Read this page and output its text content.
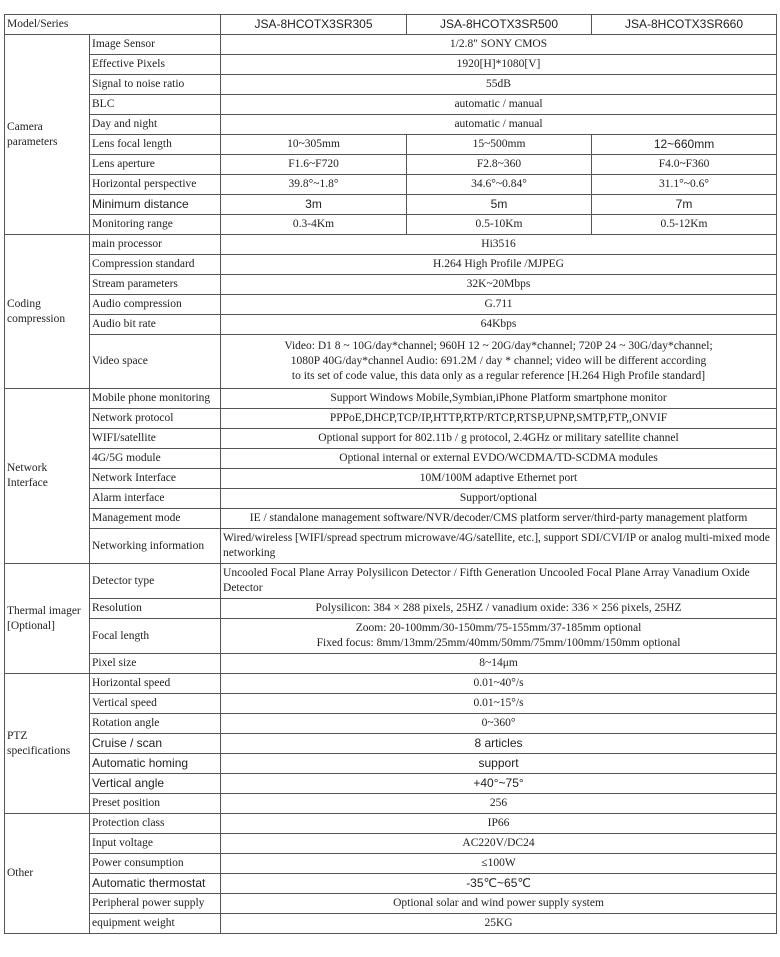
Model/Series		JSA-8HCOTX3SR305	JSA-8HCOTX3SR500	JSA-8HCOTX3SR660
Camera parameters	Image Sensor	1/2.8" SONY CMOS		
	Effective Pixels	1920[H]*1080[V]		
	Signal to noise ratio	55dB		
	BLC	automatic / manual		
	Day and night	automatic / manual		
	Lens focal length	10~305mm	15~500mm	12~660mm
	Lens aperture	F1.6~F720	F2.8~360	F4.0~F360
	Horizontal perspective	39.8°~1.8°	34.6°~0.84°	31.1°~0.6°
	Minimum distance	3m	5m	7m
	Monitoring range	0.3-4Km	0.5-10Km	0.5-12Km
Coding compression	main processor	Hi3516		
	Compression standard	H.264 High Profile /MJPEG		
	Stream parameters	32K~20Mbps		
	Audio compression	G.711		
	Audio bit rate	64Kbps		
	Video space	Video: D1 8 ~ 10G/day*channel; 960H 12 ~ 20G/day*channel; 720P 24 ~ 30G/day*channel;
1080P 40G/day*channel Audio: 691.2M / day * channel; video will be different according
to its set of code value, this data only as a regular reference [H.264 High Profile standard]		

Network Interface	Mobile phone monitoring	Support Windows Mobile,Symbian,iPhone Platform smartphone monitor		
	Network protocol	PPPoE,DHCP,TCP/IP,HTTP,RTP/RTCP,RTSP,UPNP,SMTP,FTP,,ONVIF		
	WIFI/satellite	Optional support for 802.11b / g protocol, 2.4GHz or military satellite channel		
	4G/5G module	Optional internal or external EVDO/WCDMA/TD-SCDMA modules		
	Network Interface	10M/100M adaptive Ethernet port		
	Alarm interface	Support/optional		
	Management mode	IE / standalone management software/NVR/decoder/CMS platform server/third-party management platform		
	Networking information	Wired/wireless [WIFI/spread spectrum microwave/4G/satellite, etc.], support SDI/CVI/IP or analog multi-mixed mode networking		
Thermal imager [Optional]	Detector type	Uncooled Focal Plane Array Polysilicon Detector / Fifth Generation Uncooled Focal Plane Array Vanadium Oxide Detector		
	Resolution	Polysilicon: 384 × 288 pixels, 25HZ / vanadium oxide: 336 × 256 pixels, 25HZ		
	Focal length	Zoom: 20-100mm/30-150mm/75-155mm/37-185mm optional
Fixed focus: 8mm/13mm/25mm/40mm/50mm/75mm/100mm/150mm optional		

	Pixel size	8~14μm		
PTZ specifications	Horizontal speed	0.01~40°/s		
	Vertical speed	0.01~15°/s		
	Rotation angle	0~360°		
	Cruise / scan	8 articles		
	Automatic homing	support		
	Vertical angle	+40°~75°		
	Preset position	256		
Other	Protection class	IP66		
	Input voltage	AC220V/DC24		
	Power consumption	≤100W		
	Automatic thermostat	-35℃~65℃		
	Peripheral power supply	Optional solar and wind power supply system		
	equipment weight	25KG		
